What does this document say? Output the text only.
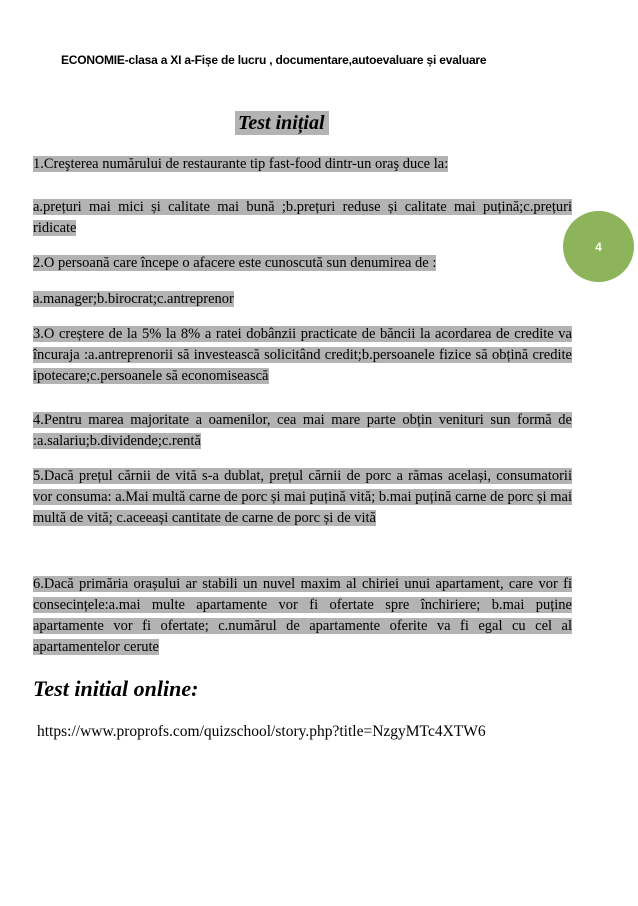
ECONOMIE-clasa a XI a-Fișe de lucru , documentare,autoevaluare și evaluare
4
Test inițial
1.Creşterea numărului de restaurante tip fast-food dintr-un oraş duce la:
a.prețuri mai mici și calitate mai bună ;b.prețuri reduse și calitate mai puțină;c.prețuri ridicate
2.O persoană care începe o afacere este cunoscută sun denumirea de :
a.manager;b.birocrat;c.antreprenor
3.O creștere de la 5% la 8% a ratei dobânzii practicate de băncii la acordarea de credite va încuraja :a.antreprenorii să investească solicitând credit;b.persoanele fizice să obțină credite ipotecare;c.persoanele să economisească
4.Pentru marea majoritate a oamenilor, cea mai mare parte obțin venituri sun formă de :a.salariu;b.dividende;c.rentă
5.Dacă prețul cărnii de vită s-a dublat, prețul cărnii de porc a rămas același, consumatorii vor consuma: a.Mai multă carne de porc și mai puțină vită; b.mai puțină carne de porc și mai multă de vită; c.aceeași cantitate de carne de porc și de vită
6.Dacă primăria orașului ar stabili un nuvel maxim al chiriei unui apartament, care vor fi consecințele:a.mai multe apartamente vor fi ofertate spre închiriere; b.mai puține apartamente vor fi ofertate; c.numărul de apartamente oferite va fi egal cu cel al apartamentelor cerute
Test initial online:
https://www.proprofs.com/quizschool/story.php?title=NzgyMTc4XTW6
